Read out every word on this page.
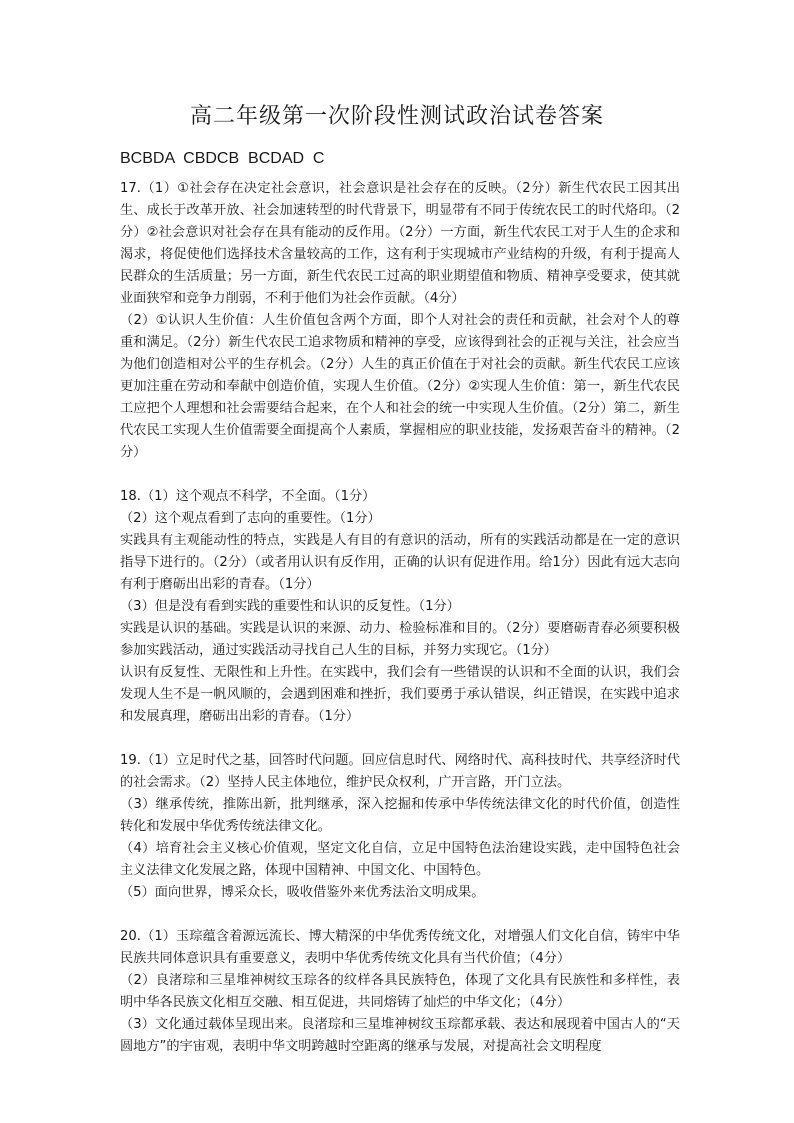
高二年级第一次阶段性测试政治试卷答案
BCBDA  CBDCB  BCDAD  C

17.（1）①社会存在决定社会意识，社会意识是社会存在的反映。（2分）新生代农民工因其出生、成长于改革开放、社会加速转型的时代背景下，明显带有不同于传统农民工的时代烙印。（2分）②社会意识对社会存在具有能动的反作用。（2分）一方面，新生代农民工对于人生的企求和渴求，将促使他们选择技术含量较高的工作，这有利于实现城市产业结构的升级，有利于提高人民群众的生活质量；另一方面，新生代农民工过高的职业期望值和物质、精神享受要求，使其就业面狭窄和竞争力削弱，不利于他们为社会作贡献。（4分）

（2）①认识人生价值：人生价值包含两个方面，即个人对社会的责任和贡献，社会对个人的尊重和满足。（2分）新生代农民工追求物质和精神的享受，应该得到社会的正视与关注，社会应当为他们创造相对公平的生存机会。（2分）人生的真正价值在于对社会的贡献。新生代农民工应该更加注重在劳动和奉献中创造价值，实现人生价值。（2分）②实现人生价值：第一，新生代农民工应把个人理想和社会需要结合起来，在个人和社会的统一中实现人生价值。（2分）第二，新生代农民工实现人生价值需要全面提高个人素质，掌握相应的职业技能，发扬艰苦奋斗的精神。（2分）

18.（1）这个观点不科学，不全面。（1分）

（2）这个观点看到了志向的重要性。（1分）

实践具有主观能动性的特点，实践是人有目的有意识的活动，所有的实践活动都是在一定的意识指导下进行的。（2分）（或者用认识有反作用，正确的认识有促进作用。给1分）因此有远大志向有利于磨砺出出彩的青春。（1分）

（3）但是没有看到实践的重要性和认识的反复性。（1分）

实践是认识的基础。实践是认识的来源、动力、检验标准和目的。（2分）要磨砺青春必须要积极参加实践活动，通过实践活动寻找自己人生的目标，并努力实现它。（1分）

认识有反复性、无限性和上升性。在实践中，我们会有一些错误的认识和不全面的认识，我们会发现人生不是一帆风顺的，会遇到困难和挫折，我们要勇于承认错误，纠正错误，在实践中追求和发展真理，磨砺出出彩的青春。（1分）

19.（1）立足时代之基，回答时代问题。回应信息时代、网络时代、高科技时代、共享经济时代的社会需求。（2）坚持人民主体地位，维护民众权利，广开言路，开门立法。

（3）继承传统，推陈出新，批判继承，深入挖掘和传承中华传统法律文化的时代价值，创造性转化和发展中华优秀传统法律文化。

（4）培育社会主义核心价值观，坚定文化自信，立足中国特色法治建设实践，走中国特色社会主义法律文化发展之路，体现中国精神、中国文化、中国特色。

（5）面向世界，博采众长，吸收借鉴外来优秀法治文明成果。

20.（1）玉琮蕴含着源远流长、博大精深的中华优秀传统文化，对增强人们文化自信，铸牢中华民族共同体意识具有重要意义，表明中华优秀传统文化具有当代价值；（4分）

（2）良渚琮和三星堆神树纹玉琮各的纹样各具民族特色，体现了文化具有民族性和多样性，表明中华各民族文化相互交融、相互促进，共同熔铸了灿烂的中华文化；（4分）

（3）文化通过载体呈现出来。良渚琮和三星堆神树纹玉琮都承载、表达和展现着中国古人的“天圆地方”的宇宙观，表明中华文明跨越时空距离的继承与发展，对提高社会文明程度
